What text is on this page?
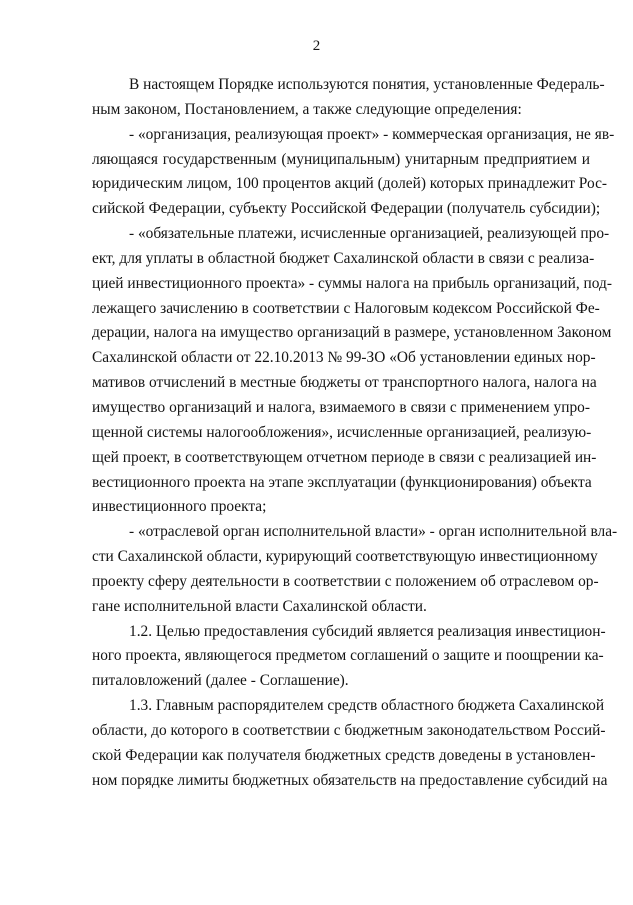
2
В настоящем Порядке используются понятия, установленные Федераль-
ным законом, Постановлением, а также следующие определения:
- «организация, реализующая проект» - коммерческая организация, не яв-
ляющаяся государственным (муниципальным) унитарным предприятием и
юридическим лицом, 100 процентов акций (долей) которых принадлежит Рос-
сийской Федерации, субъекту Российской Федерации (получатель субсидии);
- «обязательные платежи, исчисленные организацией, реализующей про-
ект, для уплаты в областной бюджет Сахалинской области в связи с реализа-
цией инвестиционного проекта» - суммы налога на прибыль организаций, под-
лежащего зачислению в соответствии с Налоговым кодексом Российской Фе-
дерации, налога на имущество организаций в размере, установленном Законом
Сахалинской области от 22.10.2013 № 99-ЗО «Об установлении единых нор-
мативов отчислений в местные бюджеты от транспортного налога, налога на
имущество организаций и налога, взимаемого в связи с применением упро-
щенной системы налогообложения», исчисленные организацией, реализую-
щей проект, в соответствующем отчетном периоде в связи с реализацией ин-
вестиционного проекта на этапе эксплуатации (функционирования) объекта
инвестиционного проекта;
- «отраслевой орган исполнительной власти» - орган исполнительной вла-
сти Сахалинской области, курирующий соответствующую инвестиционному
проекту сферу деятельности в соответствии с положением об отраслевом ор-
гане исполнительной власти Сахалинской области.
1.2. Целью предоставления субсидий является реализация инвестицион-
ного проекта, являющегося предметом соглашений о защите и поощрении ка-
питаловложений (далее - Соглашение).
1.3. Главным распорядителем средств областного бюджета Сахалинской
области, до которого в соответствии с бюджетным законодательством Россий-
ской Федерации как получателя бюджетных средств доведены в установлен-
ном порядке лимиты бюджетных обязательств на предоставление субсидий на
